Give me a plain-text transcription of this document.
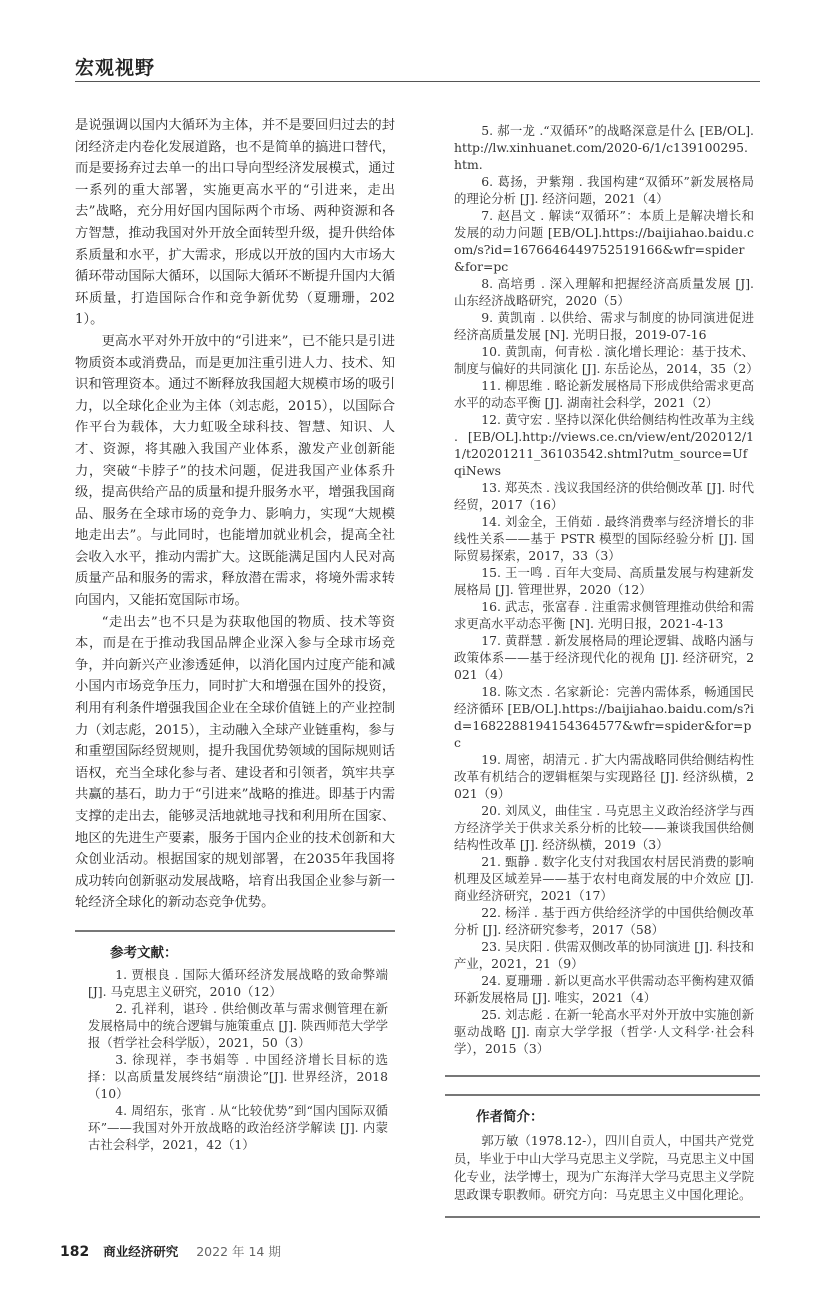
宏观视野

是说强调以国内大循环为主体，并不是要回归过去的封闭经济走内卷化发展道路，也不是简单的搞进口替代，而是要扬弃过去单一的出口导向型经济发展模式，通过一系列的重大部署，实施更高水平的“引进来，走出去”战略，充分用好国内国际两个市场、两种资源和各方智慧，推动我国对外开放全面转型升级，提升供给体系质量和水平，扩大需求，形成以开放的国内大市场大循环带动国际大循环，以国际大循环不断提升国内大循环质量，打造国际合作和竞争新优势（夏珊珊，2021）。

更高水平对外开放中的“引进来”，已不能只是引进物质资本或消费品，而是更加注重引进人力、技术、知识和管理资本。通过不断释放我国超大规模市场的吸引力，以全球化企业为主体（刘志彪，2015），以国际合作平台为载体，大力虹吸全球科技、智慧、知识、人才、资源，将其融入我国产业体系，激发产业创新能力，突破“卡脖子”的技术问题，促进我国产业体系升级，提高供给产品的质量和提升服务水平，增强我国商品、服务在全球市场的竞争力、影响力，实现“大规模地走出去”。与此同时，也能增加就业机会，提高全社会收入水平，推动内需扩大。这既能满足国内人民对高质量产品和服务的需求，释放潜在需求，将境外需求转向国内，又能拓宽国际市场。

“走出去”也不只是为获取他国的物质、技术等资本，而是在于推动我国品牌企业深入参与全球市场竞争，并向新兴产业渗透延伸，以消化国内过度产能和减小国内市场竞争压力，同时扩大和增强在国外的投资，利用有利条件增强我国企业在全球价值链上的产业控制力（刘志彪，2015），主动融入全球产业链重构，参与和重塑国际经贸规则，提升我国优势领域的国际规则话语权，充当全球化参与者、建设者和引领者，筑牢共享共赢的基石，助力于“引进来”战略的推进。即基于内需支撑的走出去，能够灵活地就地寻找和利用所在国家、地区的先进生产要素，服务于国内企业的技术创新和大众创业活动。根据国家的规划部署，在2035年我国将成功转向创新驱动发展战略，培育出我国企业参与新一轮经济全球化的新动态竞争优势。

参考文献：

1. 贾根良 . 国际大循环经济发展战略的致命弊端 [J]. 马克思主义研究，2010（12）

2. 孔祥利，谌玲 . 供给侧改革与需求侧管理在新发展格局中的统合逻辑与施策重点 [J]. 陕西师范大学学报（哲学社会科学版），2021，50（3）

3. 徐现祥，李书娟等 . 中国经济增长目标的选择：以高质量发展终结“崩溃论”[J]. 世界经济，2018（10）

4. 周绍东，张宵 . 从“比较优势”到“国内国际双循环”——我国对外开放战略的政治经济学解读 [J]. 内蒙古社会科学，2021，42（1）

5. 郝一龙 .“双循环”的战略深意是什么 [EB/OL]. http://lw.xinhuanet.com/2020-6/1/c139100295.htm.

6. 葛扬，尹紫翔 . 我国构建“双循环”新发展格局的理论分析 [J]. 经济问题，2021（4）

7. 赵昌文 . 解读“双循环”：本质上是解决增长和发展的动力问题 [EB/OL].https://baijiahao.baidu.com/s?id=1676646449752519166&wfr=spider&for=pc

8. 高培勇 . 深入理解和把握经济高质量发展 [J]. 山东经济战略研究，2020（5）

9. 黄凯南 . 以供给、需求与制度的协同演进促进经济高质量发展 [N]. 光明日报，2019-07-16

10. 黄凯南，何青松 . 演化增长理论：基于技术、制度与偏好的共同演化 [J]. 东岳论丛，2014，35（2）

11. 柳思维 . 略论新发展格局下形成供给需求更高水平的动态平衡 [J]. 湖南社会科学，2021（2）

12. 黄守宏 . 坚持以深化供给侧结构性改革为主线 . [EB/OL].http://views.ce.cn/view/ent/202012/11/t20201211_36103542.shtml?utm_source=UfqiNews

13. 郑英杰 . 浅议我国经济的供给侧改革 [J]. 时代经贸，2017（16）

14. 刘金全，王俏茹 . 最终消费率与经济增长的非线性关系——基于 PSTR 模型的国际经验分析 [J]. 国际贸易探索，2017，33（3）

15. 王一鸣 . 百年大变局、高质量发展与构建新发展格局 [J]. 管理世界，2020（12）

16. 武志，张富春 . 注重需求侧管理推动供给和需求更高水平动态平衡 [N]. 光明日报，2021-4-13

17. 黄群慧 . 新发展格局的理论逻辑、战略内涵与政策体系——基于经济现代化的视角 [J]. 经济研究，2021（4）

18. 陈文杰 . 名家新论：完善内需体系，畅通国民经济循环 [EB/OL].https://baijiahao.baidu.com/s?id=1682288194154364577&wfr=spider&for=pc

19. 周密，胡清元 . 扩大内需战略同供给侧结构性改革有机结合的逻辑框架与实现路径 [J]. 经济纵横，2021（9）

20. 刘凤义，曲佳宝 . 马克思主义政治经济学与西方经济学关于供求关系分析的比较——兼谈我国供给侧结构性改革 [J]. 经济纵横，2019（3）

21. 甄静 . 数字化支付对我国农村居民消费的影响机理及区域差异——基于农村电商发展的中介效应 [J]. 商业经济研究，2021（17）

22. 杨洋 . 基于西方供给经济学的中国供给侧改革分析 [J]. 经济研究参考，2017（58）

23. 吴庆阳 . 供需双侧改革的协同演进 [J]. 科技和产业，2021，21（9）

24. 夏珊珊 . 新以更高水平供需动态平衡构建双循环新发展格局 [J]. 唯实，2021（4）

25. 刘志彪 . 在新一轮高水平对外开放中实施创新驱动战略 [J]. 南京大学学报（哲学·人文科学·社会科学），2015（3）

作者简介：

郭万敏（1978.12-），四川自贡人，中国共产党党员，毕业于中山大学马克思主义学院，马克思主义中国化专业，法学博士，现为广东海洋大学马克思主义学院思政课专职教师。研究方向：马克思主义中国化理论。

182 商业经济研究 2022 年 14 期
